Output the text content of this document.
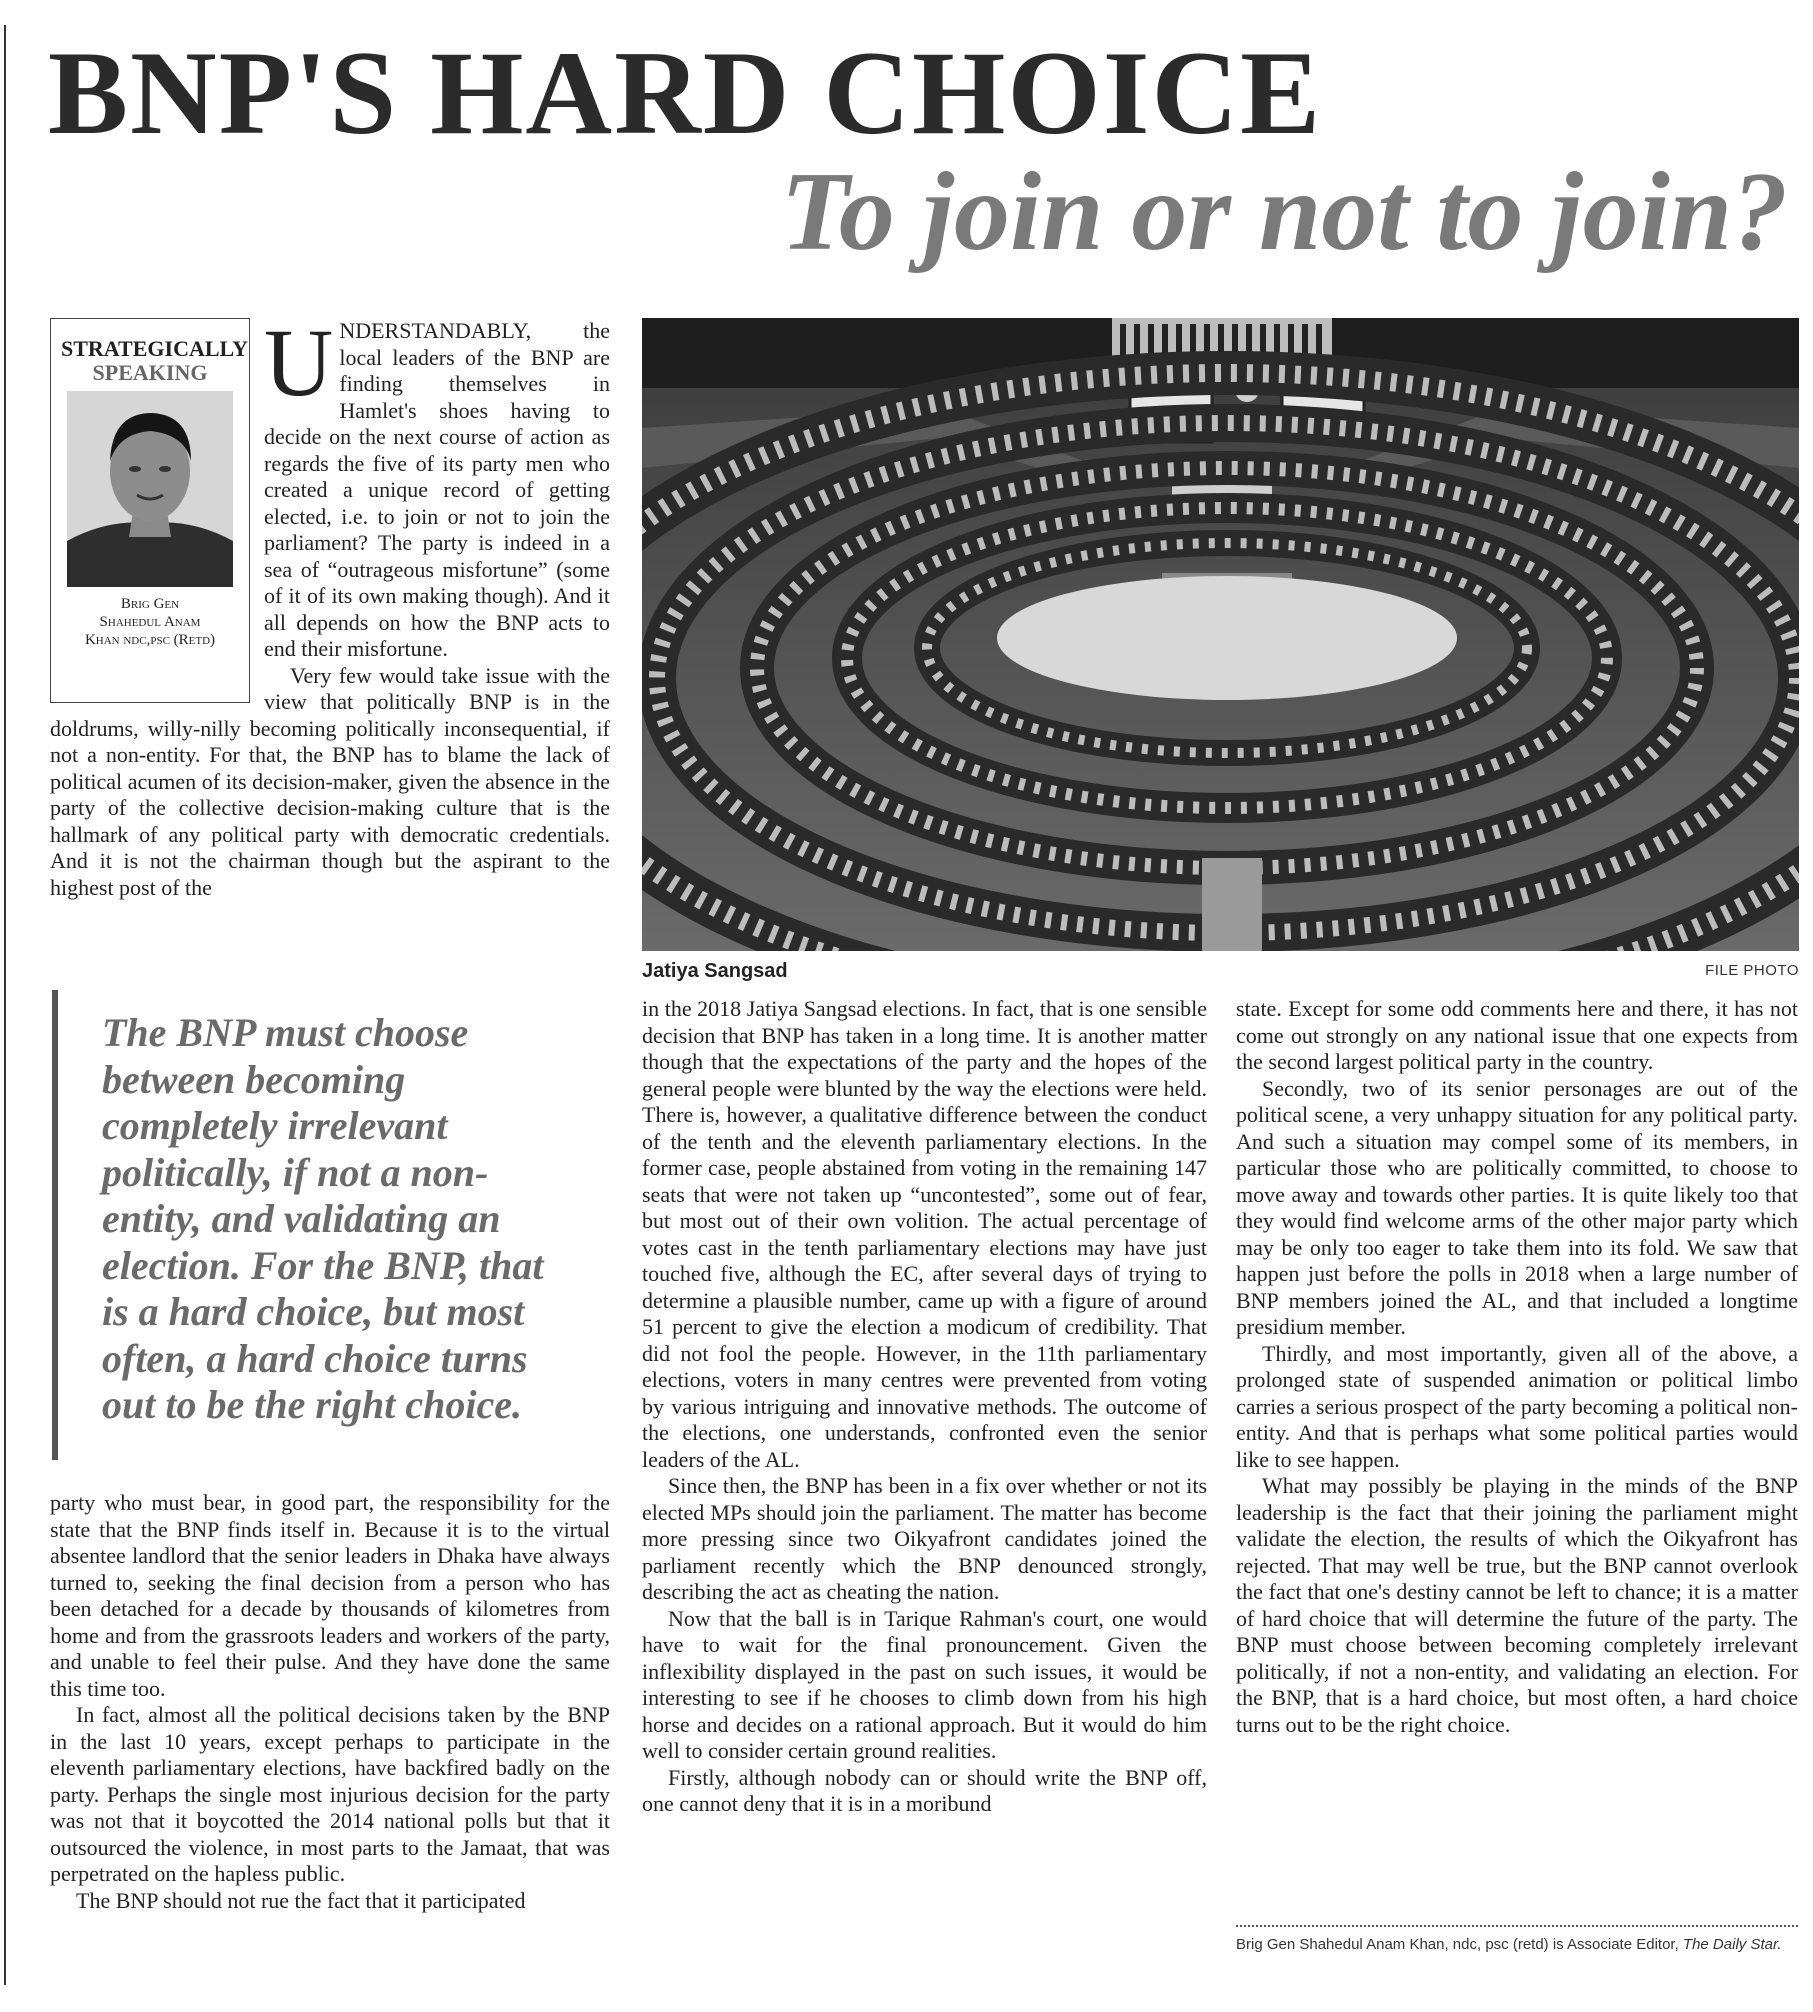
BNP'S HARD CHOICE
To join or not to join?
STRATEGICALLY
SPEAKING
Brig Gen
Shahedul Anam
Khan ndc,psc (Retd)

UNDERSTANDABLY, the local leaders of the BNP are finding themselves in Hamlet's shoes having to decide on the next course of action as regards the five of its party men who created a unique record of getting elected, i.e. to join or not to join the parliament? The party is indeed in a sea of “outrageous misfortune” (some of it of its own making though). And it all depends on how the BNP acts to end their misfortune.

Very few would take issue with the view that politically BNP is in the doldrums, willy-nilly becoming politically inconsequential, if not a non-entity. For that, the BNP has to blame the lack of political acumen of its decision-maker, given the absence in the party of the collective decision-making culture that is the hallmark of any political party with democratic credentials. And it is not the chairman though but the aspirant to the highest post of the

The BNP must choose between becoming completely irrelevant politically, if not a non-entity, and validating an election. For the BNP, that is a hard choice, but most often, a hard choice turns out to be the right choice.

party who must bear, in good part, the responsibility for the state that the BNP finds itself in. Because it is to the virtual absentee landlord that the senior leaders in Dhaka have always turned to, seeking the final decision from a person who has been detached for a decade by thousands of kilometres from home and from the grassroots leaders and workers of the party, and unable to feel their pulse. And they have done the same this time too.

In fact, almost all the political decisions taken by the BNP in the last 10 years, except perhaps to participate in the eleventh parliamentary elections, have backfired badly on the party. Perhaps the single most injurious decision for the party was not that it boycotted the 2014 national polls but that it outsourced the violence, in most parts to the Jamaat, that was perpetrated on the hapless public.

The BNP should not rue the fact that it participated

Jatiya Sangsad	FILE PHOTO

in the 2018 Jatiya Sangsad elections. In fact, that is one sensible decision that BNP has taken in a long time. It is another matter though that the expectations of the party and the hopes of the general people were blunted by the way the elections were held. There is, however, a qualitative difference between the conduct of the tenth and the eleventh parliamentary elections. In the former case, people abstained from voting in the remaining 147 seats that were not taken up “uncontested”, some out of fear, but most out of their own volition. The actual percentage of votes cast in the tenth parliamentary elections may have just touched five, although the EC, after several days of trying to determine a plausible number, came up with a figure of around 51 percent to give the election a modicum of credibility. That did not fool the people. However, in the 11th parliamentary elections, voters in many centres were prevented from voting by various intriguing and innovative methods. The outcome of the elections, one understands, confronted even the senior leaders of the AL.

Since then, the BNP has been in a fix over whether or not its elected MPs should join the parliament. The matter has become more pressing since two Oikyafront candidates joined the parliament recently which the BNP denounced strongly, describing the act as cheating the nation.

Now that the ball is in Tarique Rahman's court, one would have to wait for the final pronouncement. Given the inflexibility displayed in the past on such issues, it would be interesting to see if he chooses to climb down from his high horse and decides on a rational approach. But it would do him well to consider certain ground realities.

Firstly, although nobody can or should write the BNP off, one cannot deny that it is in a moribund

state. Except for some odd comments here and there, it has not come out strongly on any national issue that one expects from the second largest political party in the country.

Secondly, two of its senior personages are out of the political scene, a very unhappy situation for any political party. And such a situation may compel some of its members, in particular those who are politically committed, to choose to move away and towards other parties. It is quite likely too that they would find welcome arms of the other major party which may be only too eager to take them into its fold. We saw that happen just before the polls in 2018 when a large number of BNP members joined the AL, and that included a longtime presidium member.

Thirdly, and most importantly, given all of the above, a prolonged state of suspended animation or political limbo carries a serious prospect of the party becoming a political non-entity. And that is perhaps what some political parties would like to see happen.

What may possibly be playing in the minds of the BNP leadership is the fact that their joining the parliament might validate the election, the results of which the Oikyafront has rejected. That may well be true, but the BNP cannot overlook the fact that one's destiny cannot be left to chance; it is a matter of hard choice that will determine the future of the party. The BNP must choose between becoming completely irrelevant politically, if not a non-entity, and validating an election. For the BNP, that is a hard choice, but most often, a hard choice turns out to be the right choice.

Brig Gen Shahedul Anam Khan, ndc, psc (retd) is Associate Editor, The Daily Star.
